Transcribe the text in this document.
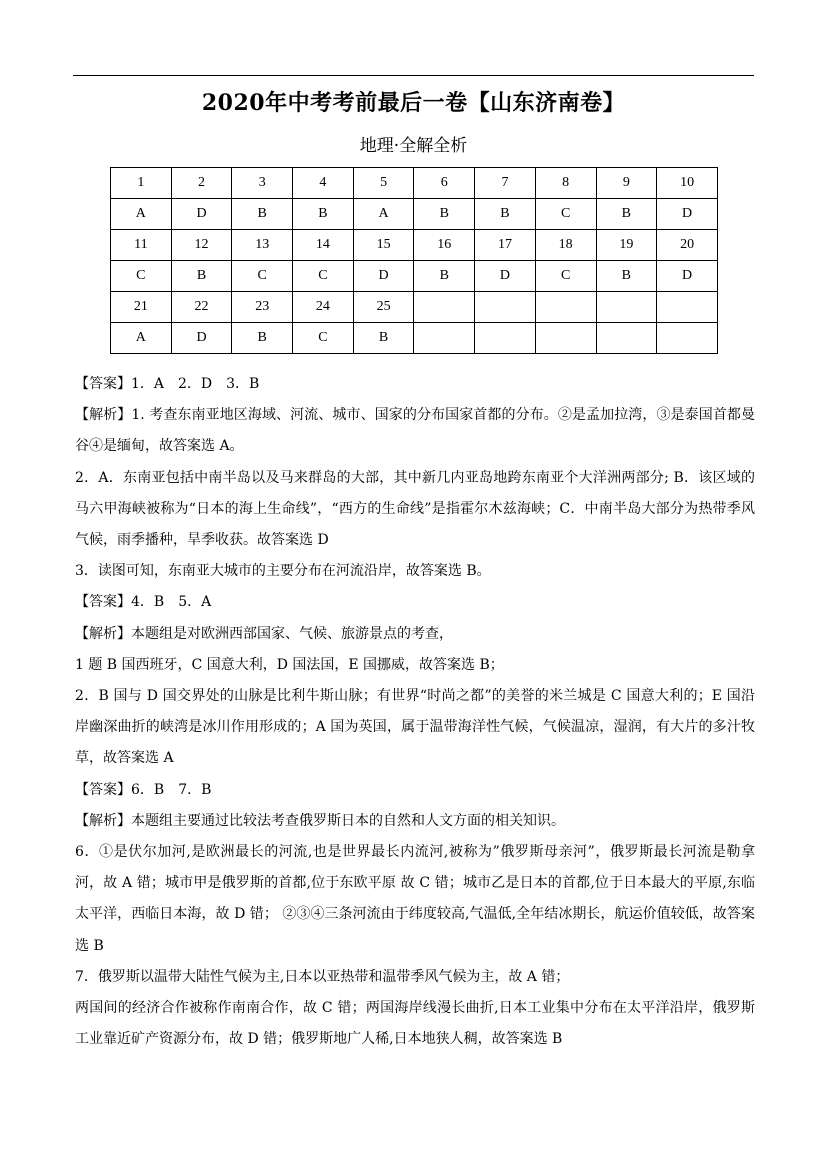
2020年中考考前最后一卷【山东济南卷】
地理·全解全析
1	2	3	4	5	6	7	8	9	10
A	D	B	B	A	B	B	C	B	D
11	12	13	14	15	16	17	18	19	20
C	B	C	C	D	B	D	C	B	D
21	22	23	24	25					
A	D	B	C	B					

【答案】1．A　2．D　3．B

【解析】1. 考查东南亚地区海域、河流、城市、国家的分布国家首都的分布。②是孟加拉湾，③是泰国首都曼谷④是缅甸，故答案选 A。

2．A．东南亚包括中南半岛以及马来群岛的大部，其中新几内亚岛地跨东南亚个大洋洲两部分; B．该区域的马六甲海峡被称为“日本的海上生命线”，“西方的生命线”是指霍尔木兹海峡；C．中南半岛大部分为热带季风气候，雨季播种，旱季收获。故答案选 D

3．读图可知，东南亚大城市的主要分布在河流沿岸，故答案选 B。

【答案】4．B　5．A

【解析】本题组是对欧洲西部国家、气候、旅游景点的考查，

1 题 B 国西班牙，C 国意大利，D 国法国，E 国挪威，故答案选 B；

2．B 国与 D 国交界处的山脉是比利牛斯山脉；有世界“时尚之都”的美誉的米兰城是 C 国意大利的；E 国沿岸幽深曲折的峡湾是冰川作用形成的；A 国为英国，属于温带海洋性气候，气候温凉，湿润，有大片的多汁牧草，故答案选 A

【答案】6．B　7．B

【解析】本题组主要通过比较法考查俄罗斯日本的自然和人文方面的相关知识。

6．①是伏尔加河,是欧洲最长的河流,也是世界最长内流河,被称为”俄罗斯母亲河”，俄罗斯最长河流是勒拿河，故 A 错；城市甲是俄罗斯的首都,位于东欧平原 故 C 错；城市乙是日本的首都,位于日本最大的平原,东临太平洋，西临日本海，故 D 错； ②③④三条河流由于纬度较高,气温低,全年结冰期长，航运价值较低，故答案选 B

7．俄罗斯以温带大陆性气候为主,日本以亚热带和温带季风气候为主，故 A 错；

两国间的经济合作被称作南南合作，故 C 错；两国海岸线漫长曲折,日本工业集中分布在太平洋沿岸，俄罗斯工业靠近矿产资源分布，故 D 错；俄罗斯地广人稀,日本地狭人稠，故答案选 B
